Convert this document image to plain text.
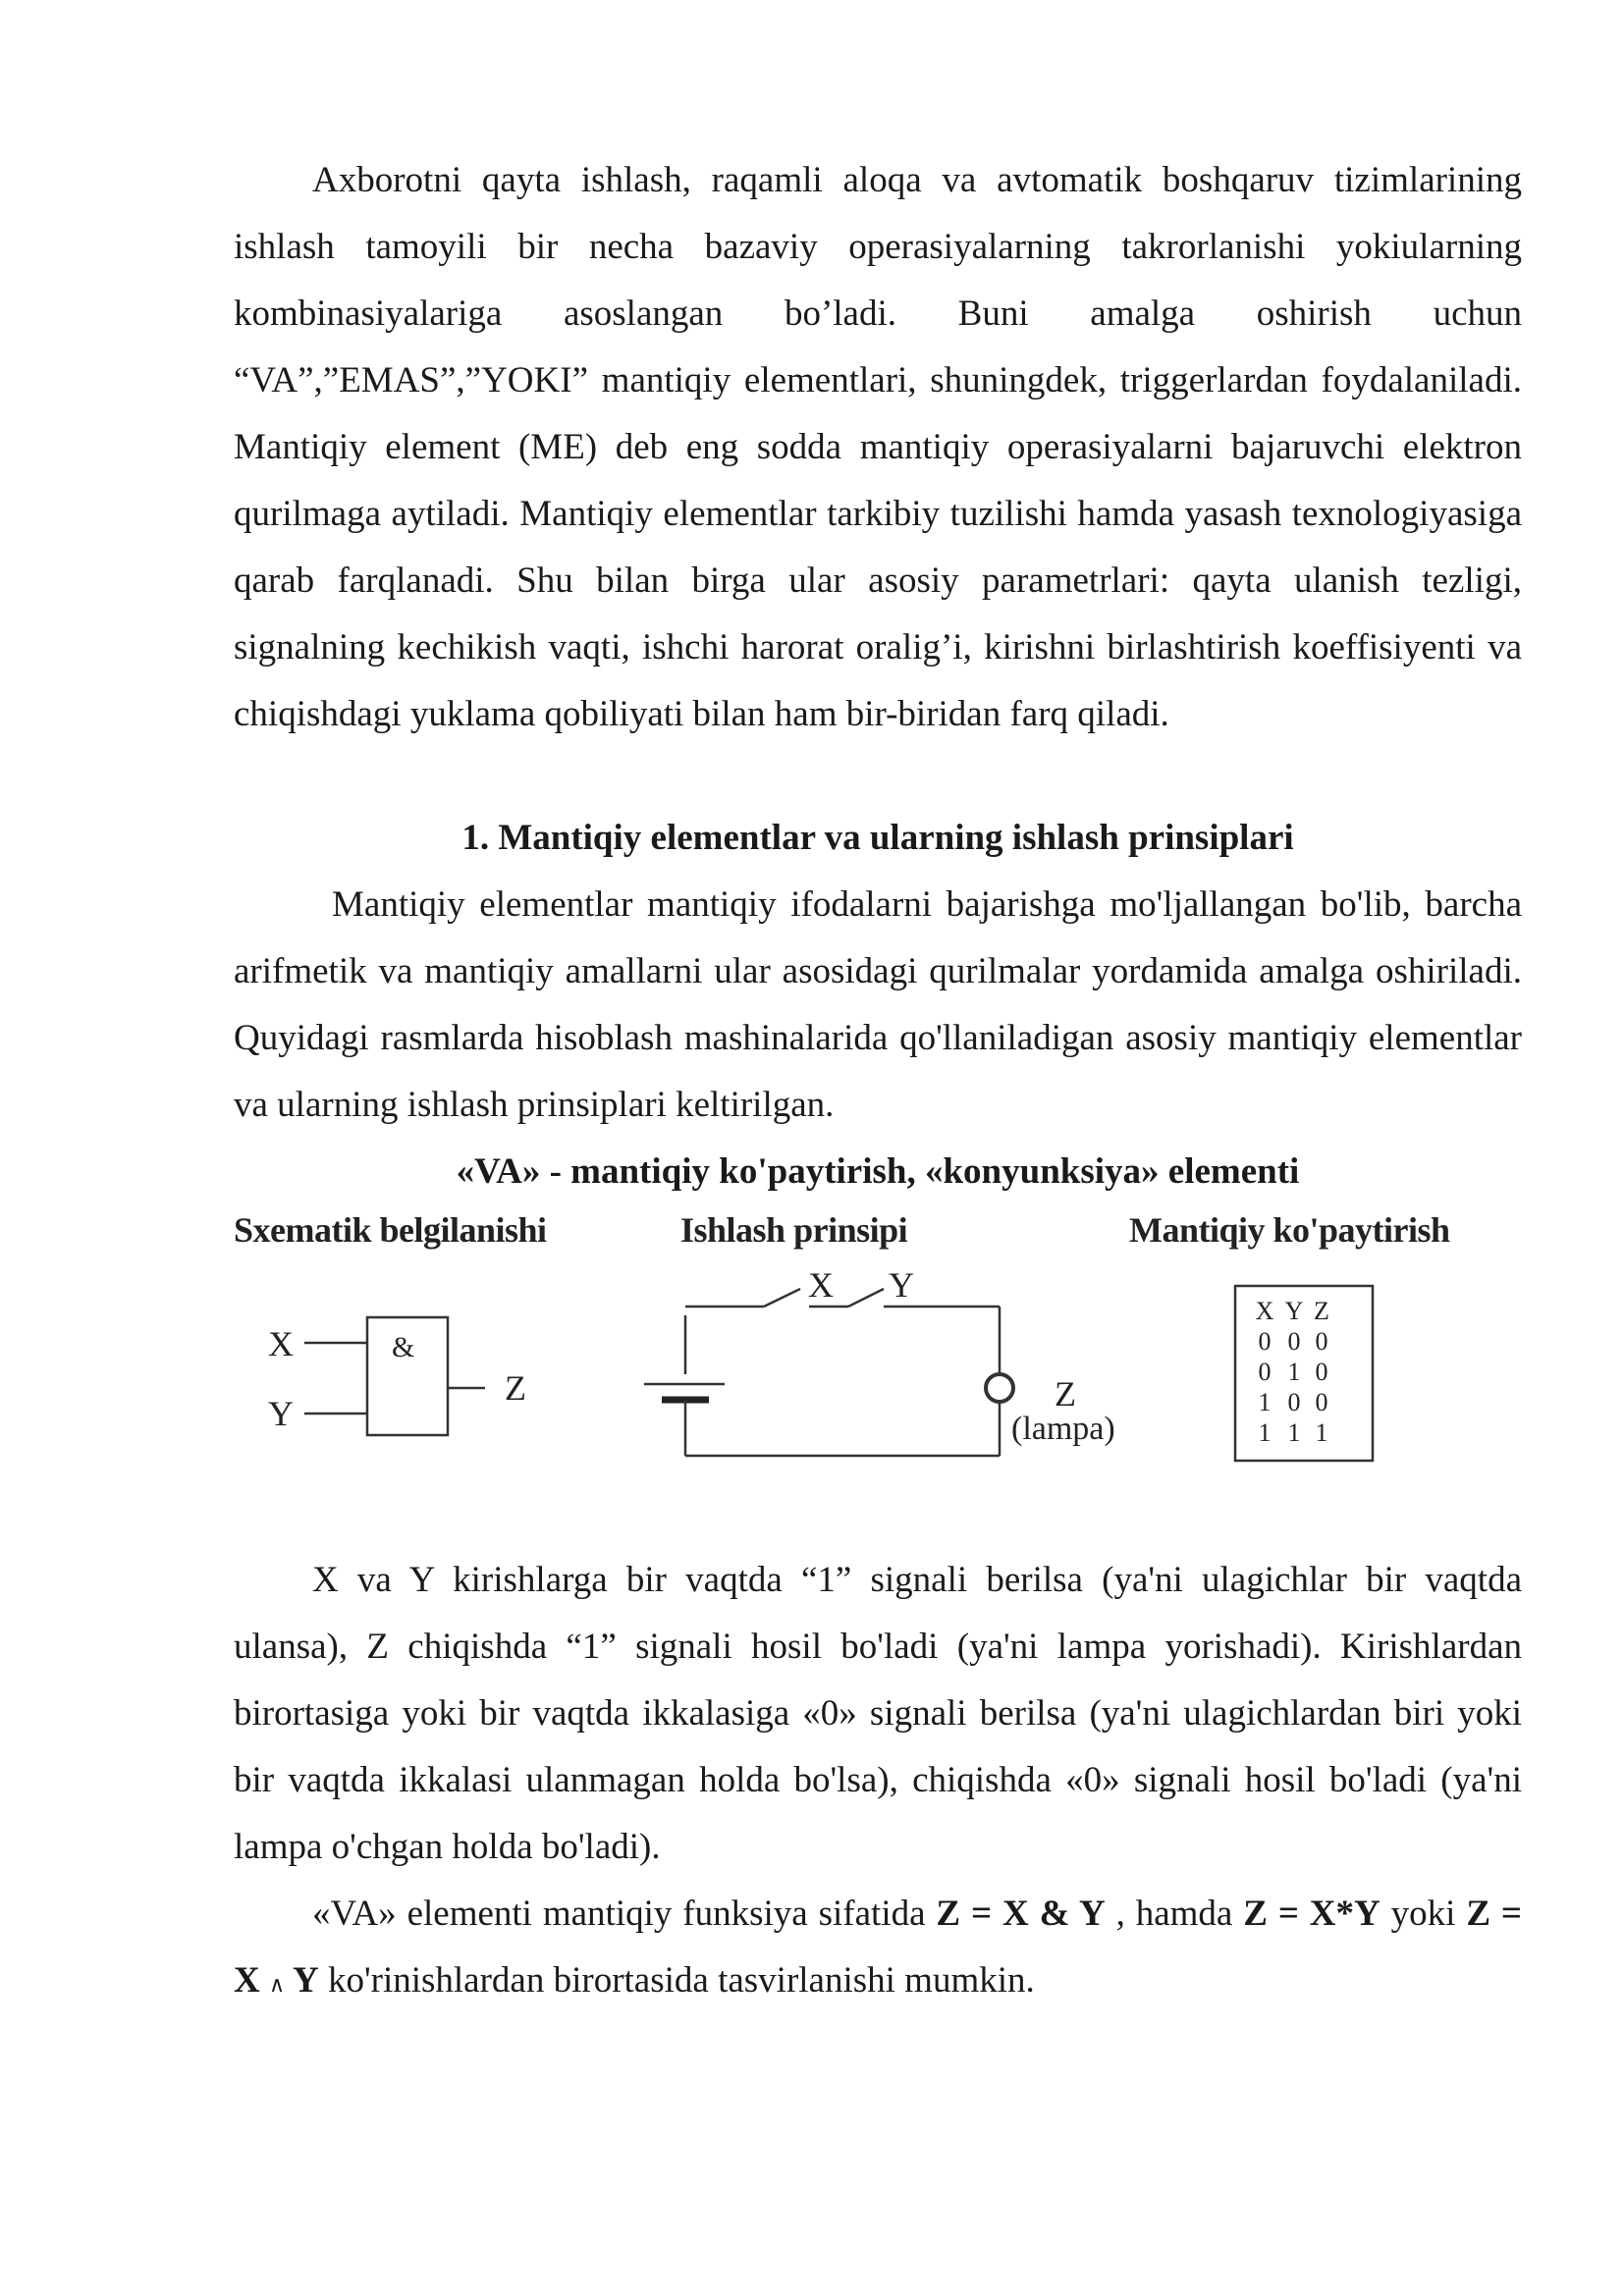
Axborotni qayta ishlash, raqamli aloqa va avtomatik boshqaruv tizimlarining ishlash tamoyili bir necha bazaviy operasiyalarning takrorlanishi yokiularning kombinasiyalariga asoslangan bo’ladi. Buni amalga oshirish uchun “VA”,”EMAS”,”YOKI” mantiqiy elementlari, shuningdek, triggerlardan foydalaniladi. Mantiqiy element (ME) deb eng sodda mantiqiy operasiyalarni bajaruvchi elektron qurilmaga aytiladi. Mantiqiy elementlar tarkibiy tuzilishi hamda yasash texnologiyasiga qarab farqlanadi. Shu bilan birga ular asosiy parametrlari: qayta ulanish tezligi, signalning kechikish vaqti, ishchi harorat oralig’i, kirishni birlashtirish koeffisiyenti va chiqishdagi yuklama qobiliyati bilan ham bir-biridan farq qiladi.

1. Mantiqiy elementlar va ularning ishlash prinsiplari

Mantiqiy elementlar mantiqiy ifodalarni bajarishga mo'ljallangan bo'lib, barcha arifmetik va mantiqiy amallarni ular asosidagi qurilmalar yordamida amalga oshiriladi. Quyidagi rasmlarda hisoblash mashinalarida qo'llaniladigan asosiy mantiqiy elementlar va ularning ishlash prinsiplari keltirilgan.

«VA» - mantiqiy ko'paytirish, «konyunksiya» elementi
Sxematik belgilanishi	Ishlash prinsipi	Mantiqiy ko'paytirish
X
Y
&
Z
X Y
Z
(lampa)
X Y Z
0 0 0
0 1 0
1 0 0
1 1 1

X va Y kirishlarga bir vaqtda “1” signali berilsa (ya'ni ulagichlar bir vaqtda ulansa), Z chiqishda “1” signali hosil bo'ladi (ya'ni lampa yorishadi). Kirishlardan birortasiga yoki bir vaqtda ikkalasiga «0» signali berilsa (ya'ni ulagichlardan biri yoki bir vaqtda ikkalasi ulanmagan holda bo'lsa), chiqishda «0» signali hosil bo'ladi (ya'ni lampa o'chgan holda bo'ladi).

«VA» elementi mantiqiy funksiya sifatida Z = X & Y , hamda Z = X*Y yoki Z = X ∧ Y ko'rinishlardan birortasida tasvirlanishi mumkin.
